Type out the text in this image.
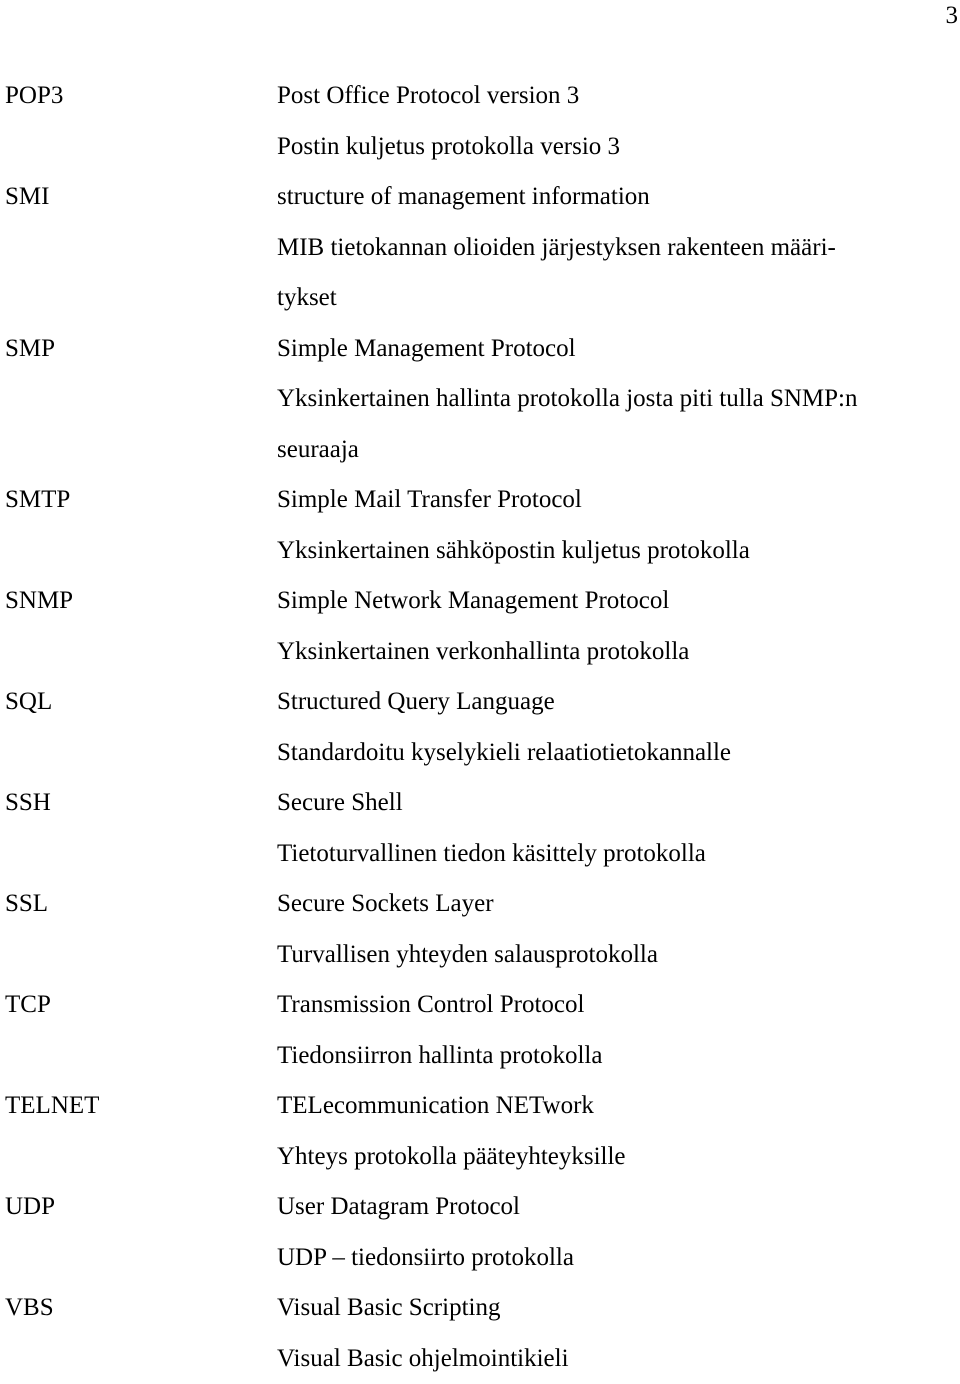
3
POP3	Post Office Protocol version 3
Postin kuljetus protokolla versio 3
SMI	structure of management information
MIB tietokannan olioiden järjestyksen rakenteen määri-
tykset
SMP	Simple Management Protocol
Yksinkertainen hallinta protokolla josta piti tulla SNMP:n
seuraaja
SMTP	Simple Mail Transfer Protocol
Yksinkertainen sähköpostin kuljetus protokolla
SNMP	Simple Network Management Protocol
Yksinkertainen verkonhallinta protokolla
SQL	Structured Query Language
Standardoitu kyselykieli relaatiotietokannalle
SSH	Secure Shell
Tietoturvallinen tiedon käsittely protokolla
SSL	Secure Sockets Layer
Turvallisen yhteyden salausprotokolla
TCP	Transmission Control Protocol
Tiedonsiirron hallinta protokolla
TELNET	TELecommunication NETwork
Yhteys protokolla pääteyhteyksille
UDP	User Datagram Protocol
UDP – tiedonsiirto protokolla
VBS	Visual Basic Scripting
Visual Basic ohjelmointikieli
